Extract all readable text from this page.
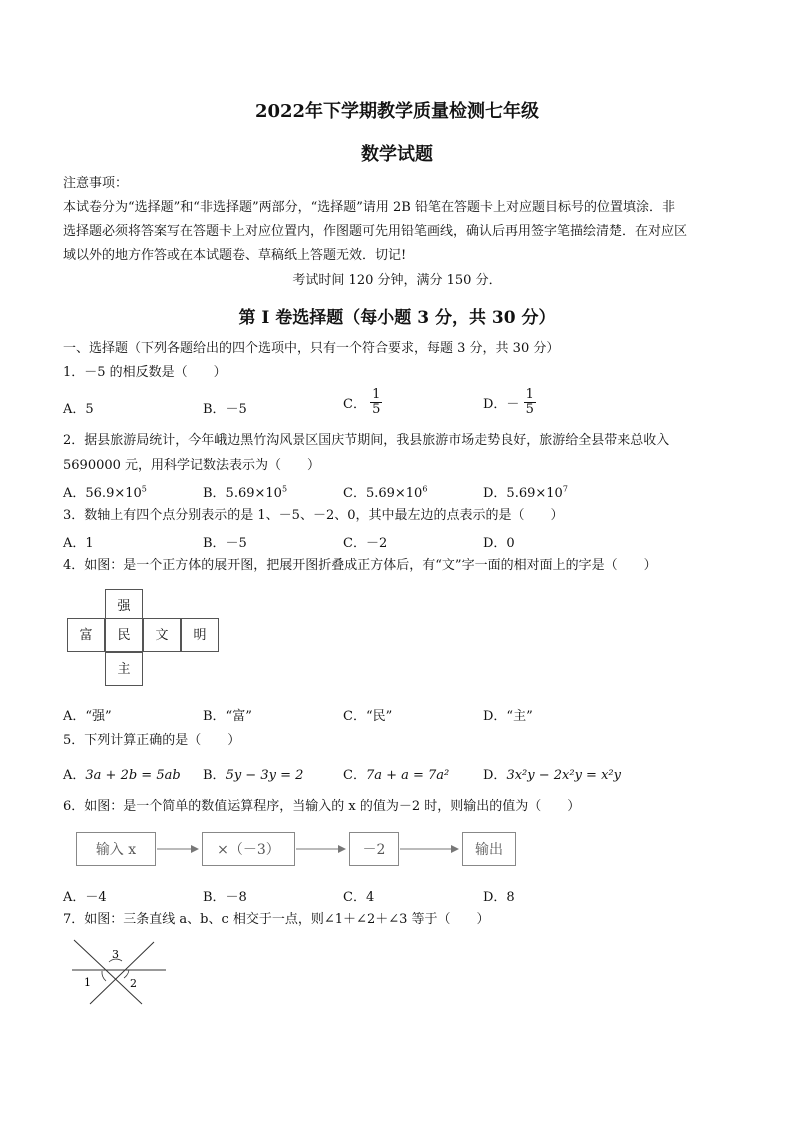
2022年下学期教学质量检测七年级
数学试题
注意事项：
本试卷分为“选择题”和“非选择题”两部分，“选择题”请用 2B 铅笔在答题卡上对应题目标号的位置填涂．非
选择题必须将答案写在答题卡上对应位置内，作图题可先用铅笔画线，确认后再用签字笔描绘清楚．在对应区
域以外的地方作答或在本试题卷、草稿纸上答题无效．切记!
考试时间 120 分钟，满分 150 分．
第 I 卷选择题（每小题 3 分，共 30 分）
一、选择题（下列各题给出的四个选项中，只有一个符合要求，每题 3 分，共 30 分）
1．－5 的相反数是（　　）
A．5	B．－5	C． $\frac{1}{5}$	D．－ $\frac{1}{5}$
2．据县旅游局统计，今年峨边黑竹沟风景区国庆节期间，我县旅游市场走势良好，旅游给全县带来总收入
5690000 元，用科学记数法表示为（　　）
A．$56.9\times 10^5$	B．$5.69\times 10^5$	C．$5.69\times 10^6$	D．$5.69\times 10^7$
3．数轴上有四个点分别表示的是 1、－5、－2、0，其中最左边的点表示的是（　　）
A．1	B．－5	C．－2	D．0
4．如图：是一个正方体的展开图，把展开图折叠成正方体后，有“文”字一面的相对面上的字是（　　）
强
富	民	文	明
主
A．“强”	B．“富”	C．“民”	D．“主”
5．下列计算正确的是（　　）
A．3a + 2b = 5ab B．5y − 3y = 2	C．7a + a = 7a²	D．3x²y − 2x²y = x²y
6．如图：是一个简单的数值运算程序，当输入的 x 的值为－2 时，则输出的值为（　　）
输入 x	×（－3）	－2	输出
A．－4	B．－8	C．4	D．8
7．如图：三条直线 a、b、c 相交于一点，则∠1＋∠2＋∠3 等于（　　）
1	2
3
